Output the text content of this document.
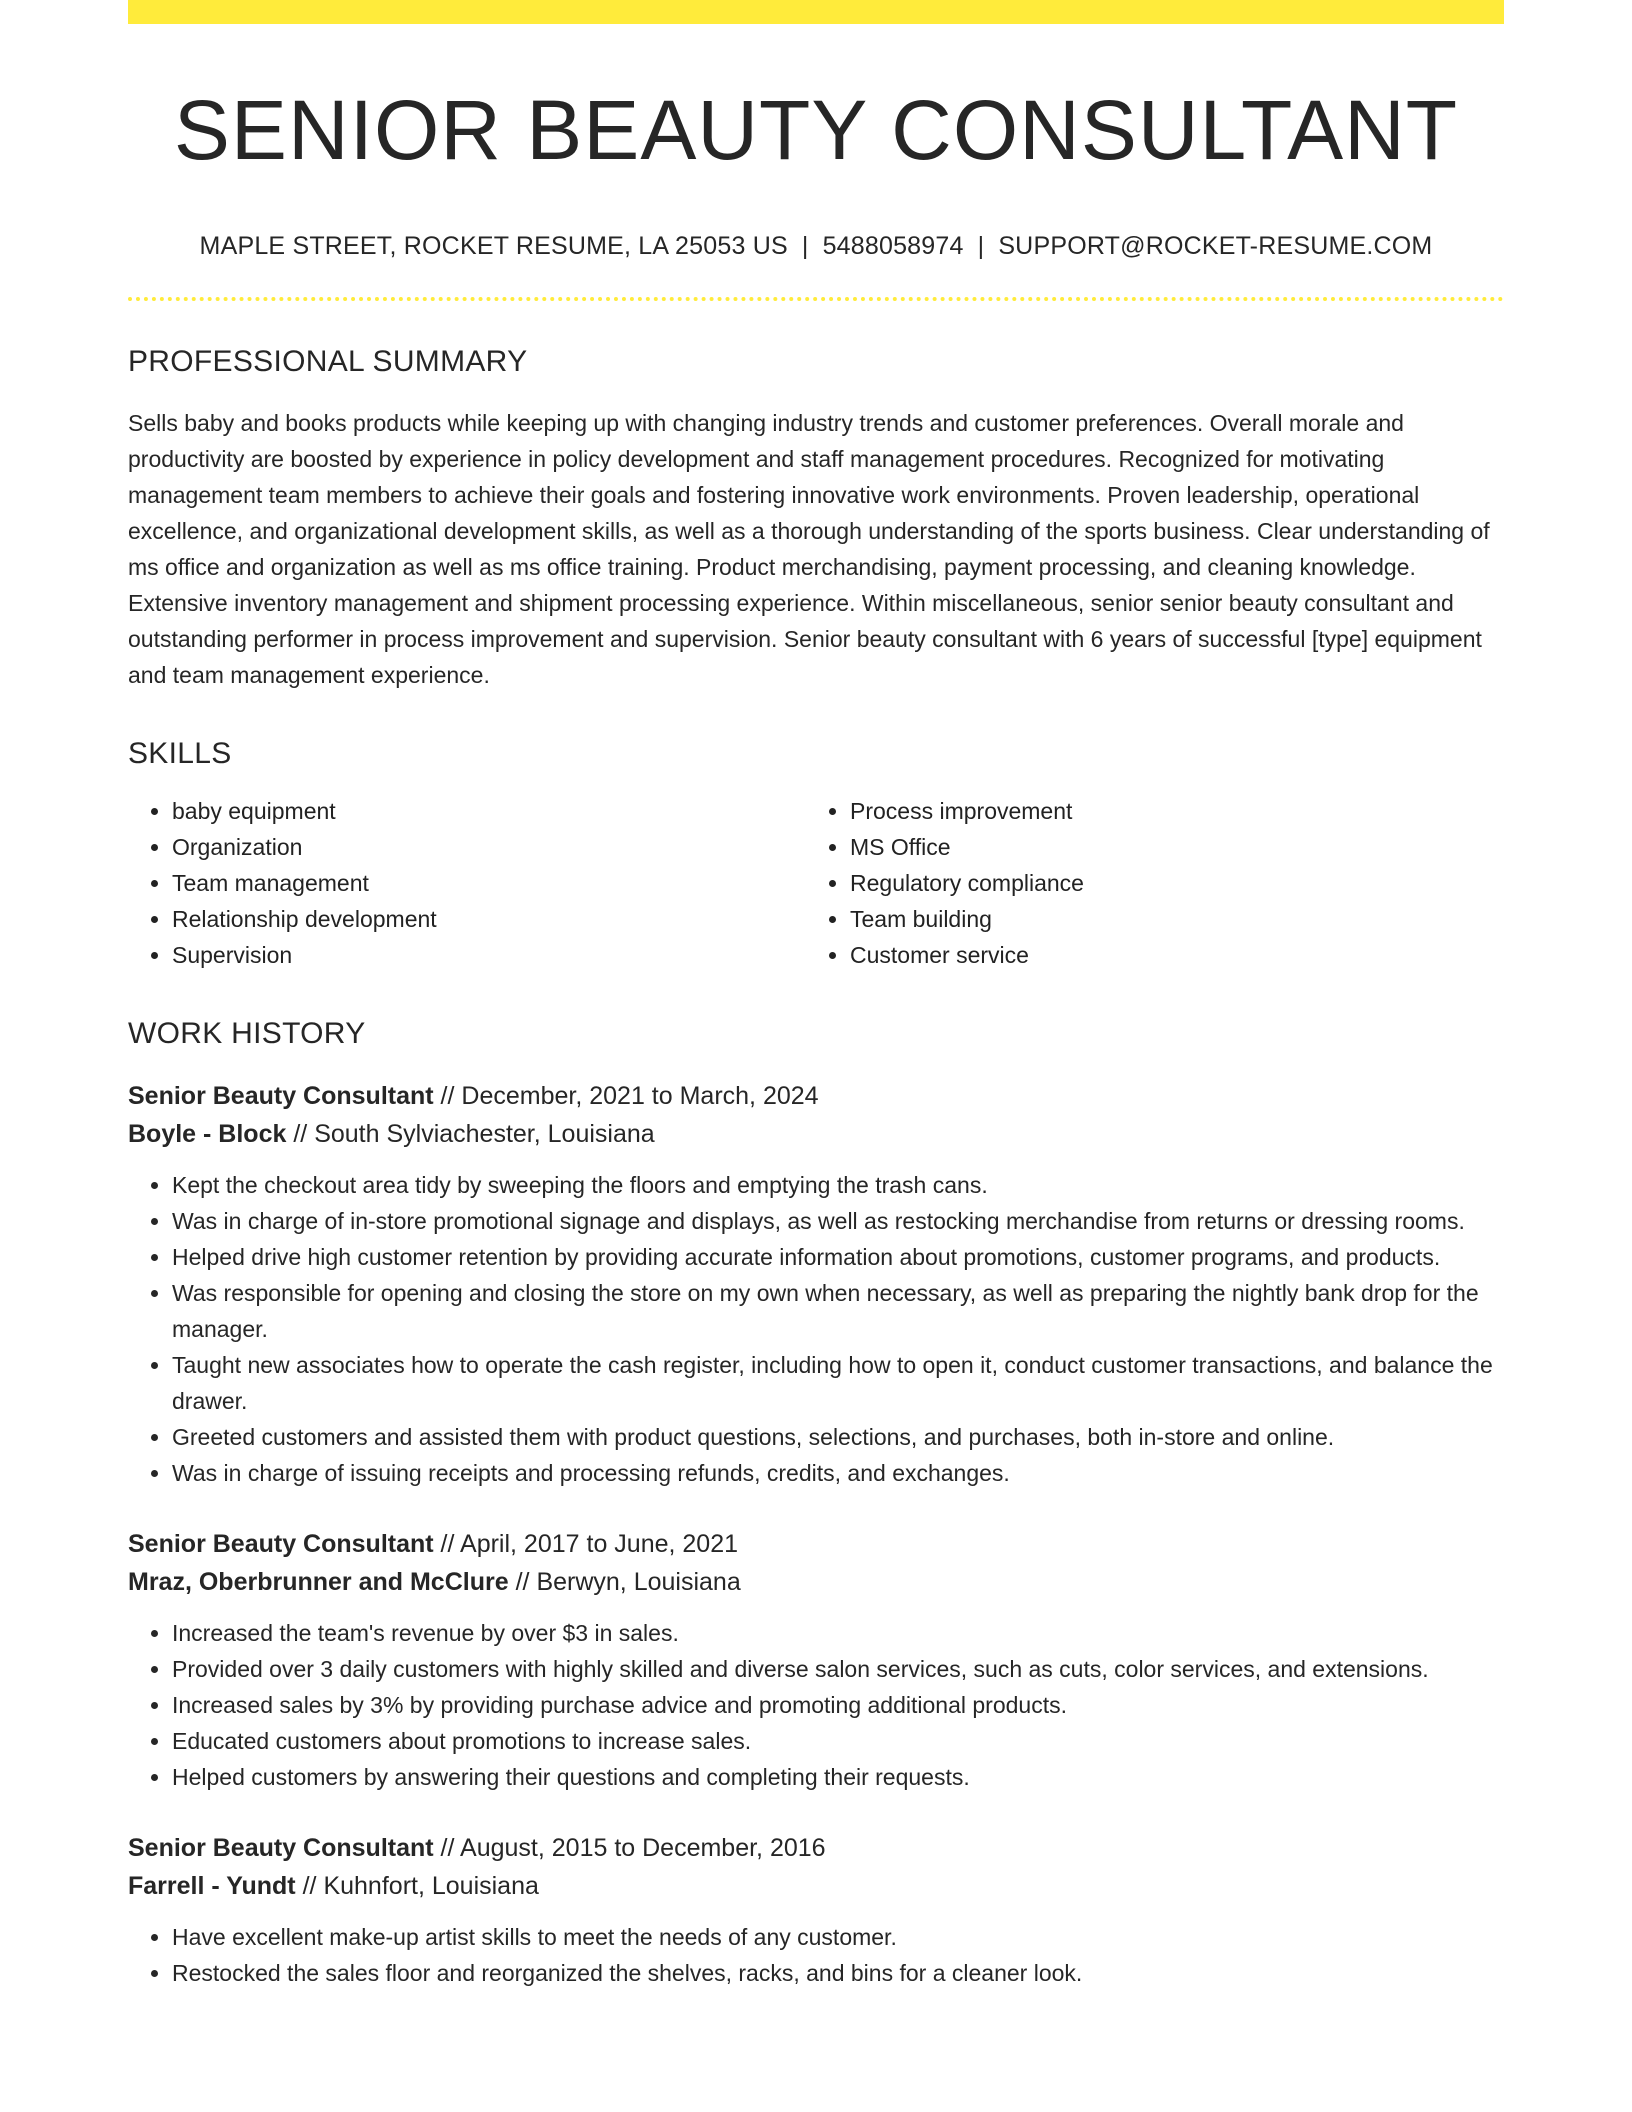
SENIOR BEAUTY CONSULTANT
MAPLE STREET, ROCKET RESUME, LA 25053 US | 5488058974 | SUPPORT@ROCKET-RESUME.COM
PROFESSIONAL SUMMARY
Sells baby and books products while keeping up with changing industry trends and customer preferences. Overall morale and productivity are boosted by experience in policy development and staff management procedures. Recognized for motivating management team members to achieve their goals and fostering innovative work environments. Proven leadership, operational excellence, and organizational development skills, as well as a thorough understanding of the sports business. Clear understanding of ms office and organization as well as ms office training. Product merchandising, payment processing, and cleaning knowledge. Extensive inventory management and shipment processing experience. Within miscellaneous, senior senior beauty consultant and outstanding performer in process improvement and supervision. Senior beauty consultant with 6 years of successful [type] equipment and team management experience.
SKILLS
• baby equipment
• Organization
• Team management
• Relationship development
• Supervision
• Process improvement
• MS Office
• Regulatory compliance
• Team building
• Customer service
WORK HISTORY
Senior Beauty Consultant // December, 2021 to March, 2024
Boyle - Block // South Sylviachester, Louisiana
• Kept the checkout area tidy by sweeping the floors and emptying the trash cans.
• Was in charge of in-store promotional signage and displays, as well as restocking merchandise from returns or dressing rooms.
• Helped drive high customer retention by providing accurate information about promotions, customer programs, and products.
• Was responsible for opening and closing the store on my own when necessary, as well as preparing the nightly bank drop for the manager.
• Taught new associates how to operate the cash register, including how to open it, conduct customer transactions, and balance the drawer.
• Greeted customers and assisted them with product questions, selections, and purchases, both in-store and online.
• Was in charge of issuing receipts and processing refunds, credits, and exchanges.
Senior Beauty Consultant // April, 2017 to June, 2021
Mraz, Oberbrunner and McClure // Berwyn, Louisiana
• Increased the team's revenue by over $3 in sales.
• Provided over 3 daily customers with highly skilled and diverse salon services, such as cuts, color services, and extensions.
• Increased sales by 3% by providing purchase advice and promoting additional products.
• Educated customers about promotions to increase sales.
• Helped customers by answering their questions and completing their requests.
Senior Beauty Consultant // August, 2015 to December, 2016
Farrell - Yundt // Kuhnfort, Louisiana
• Have excellent make-up artist skills to meet the needs of any customer.
• Restocked the sales floor and reorganized the shelves, racks, and bins for a cleaner look.
